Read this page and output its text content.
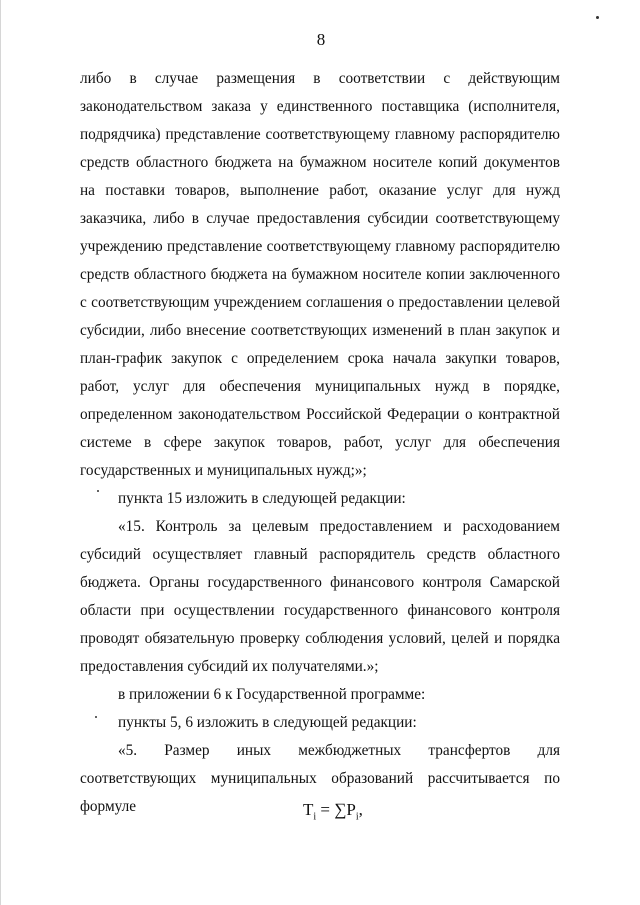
8

либо в случае размещения в соответствии с действующим законодательством заказа у единственного поставщика (исполнителя, подрядчика) представление соответствующему главному распорядителю средств областного бюджета на бумажном носителе копий документов на поставки товаров, выполнение работ, оказание услуг для нужд заказчика, либо в случае предоставления субсидии соответствующему учреждению представление соответствующему главному распорядителю средств областного бюджета на бумажном носителе копии заключенного с соответствующим учреждением соглашения о предоставлении целевой субсидии, либо внесение соответствующих изменений в план закупок и план-график закупок с определением срока начала закупки товаров, работ, услуг для обеспечения муниципальных нужд в порядке, определенном законодательством Российской Федерации о контрактной системе в сфере закупок товаров, работ, услуг для обеспечения государственных и муниципальных нужд;»;

пункта 15 изложить в следующей редакции:

«15. Контроль за целевым предоставлением и расходованием субсидий осуществляет главный распорядитель средств областного бюджета. Органы государственного финансового контроля Самарской области при осуществлении государственного финансового контроля проводят обязательную проверку соблюдения условий, целей и порядка предоставления субсидий их получателями.»;

в приложении 6 к Государственной программе:

пункты 5, 6 изложить в следующей редакции:

«5. Размер иных межбюджетных трансфертов для соответствующих муниципальных образований рассчитывается по формуле	$T_i = \sum P_i$,
